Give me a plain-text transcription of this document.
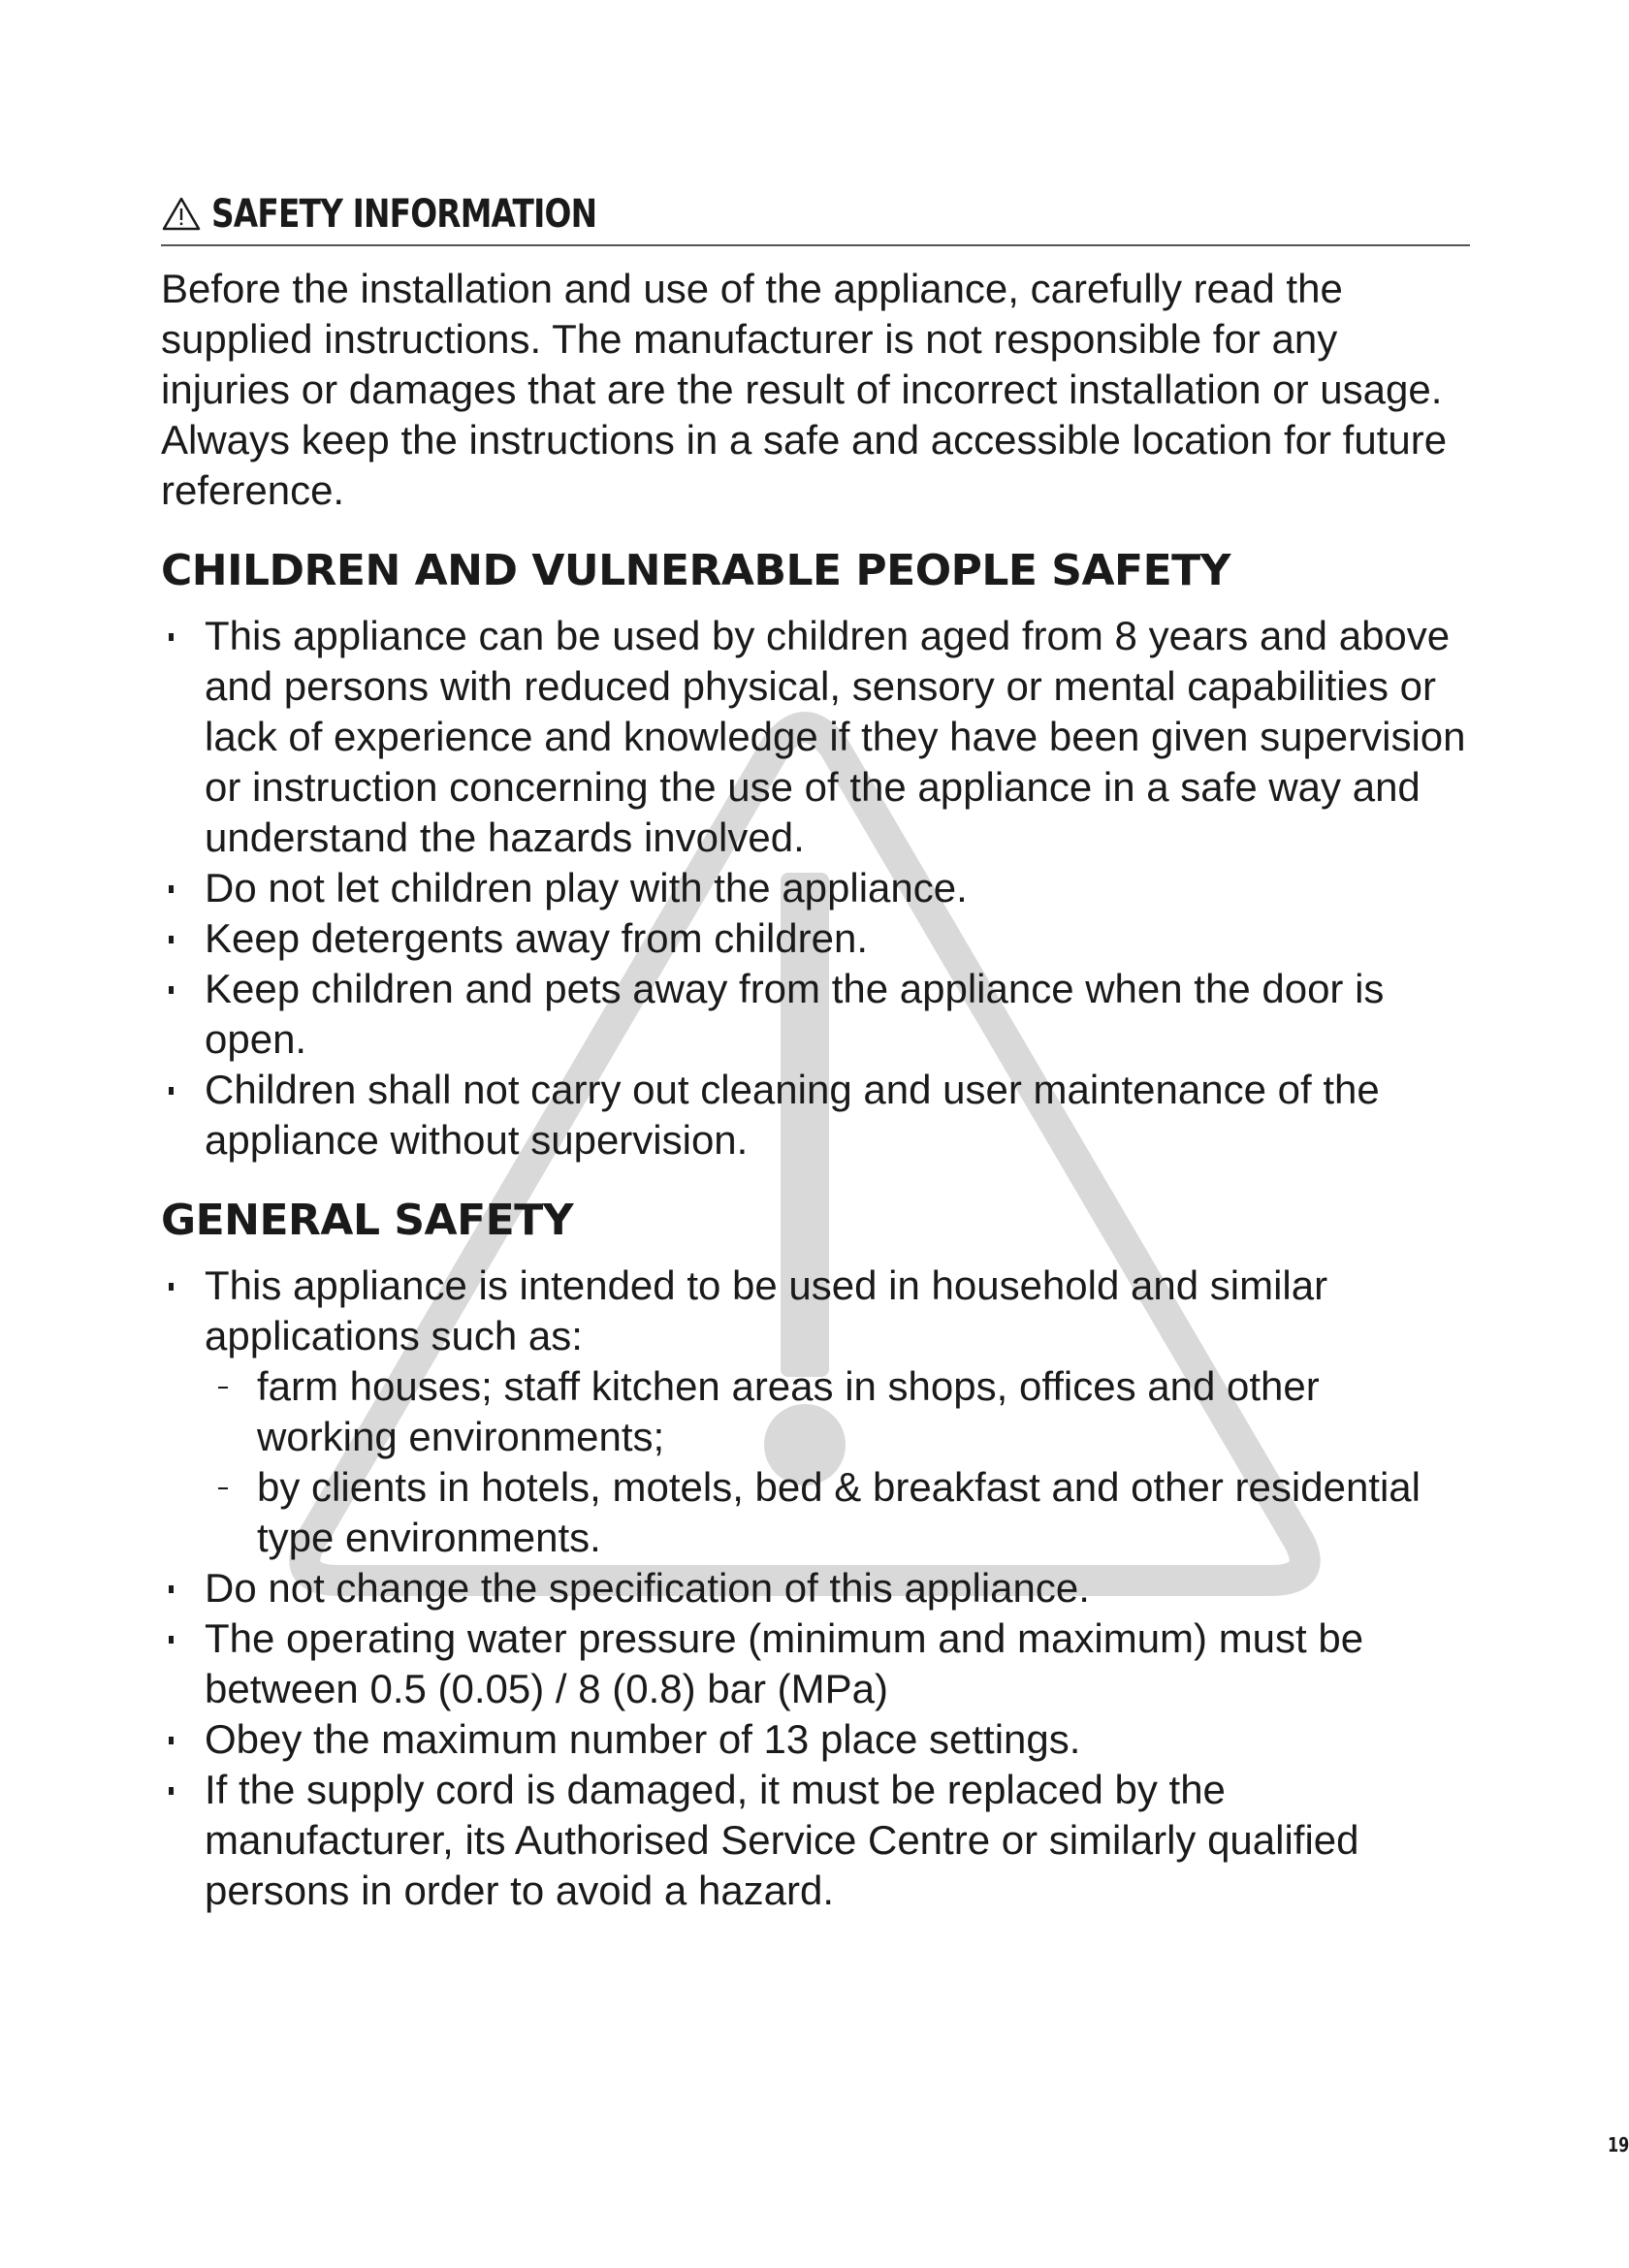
SAFETY INFORMATION

Before the installation and use of the appliance, carefully read the supplied instructions. The manufacturer is not responsible for any injuries or damages that are the result of incorrect installation or usage. Always keep the instructions in a safe and accessible location for future reference.

CHILDREN AND VULNERABLE PEOPLE SAFETY
This appliance can be used by children aged from 8 years and above and persons with reduced physical, sensory or mental capabilities or lack of experience and knowledge if they have been given supervision or instruction concerning the use of the appliance in a safe way and understand the hazards involved.
Do not let children play with the appliance.
Keep detergents away from children.
Keep children and pets away from the appliance when the door is open.
Children shall not carry out cleaning and user maintenance of the appliance without supervision.
GENERAL SAFETY
This appliance is intended to be used in household and similar applications such as:
farm houses; staff kitchen areas in shops, offices and other working environments;
by clients in hotels, motels, bed & breakfast and other residential type environments.
Do not change the specification of this appliance.
The operating water pressure (minimum and maximum) must be between 0.5 (0.05) / 8 (0.8) bar (MPa)
Obey the maximum number of 13 place settings.
If the supply cord is damaged, it must be replaced by the manufacturer, its Authorised Service Centre or similarly qualified persons in order to avoid a hazard.
19
